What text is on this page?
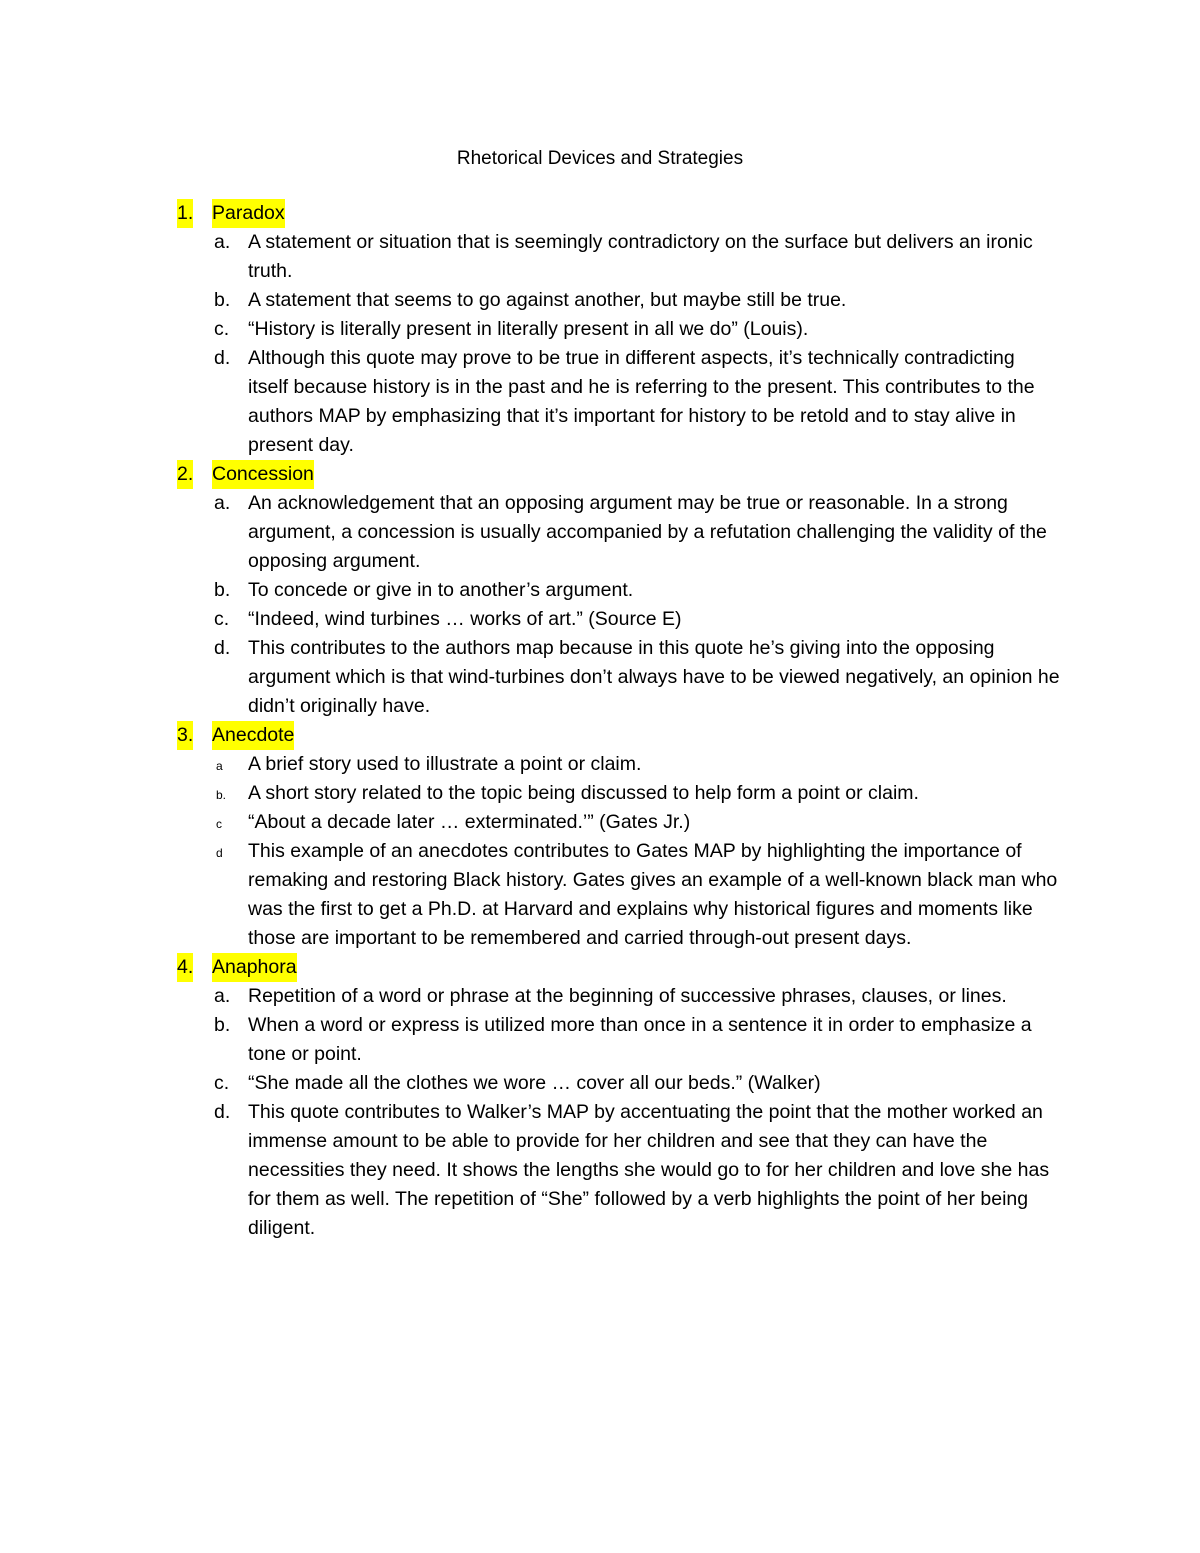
Rhetorical Devices and Strategies
1. Paradox

a. A statement or situation that is seemingly contradictory on the surface but delivers an ironic truth.

b. A statement that seems to go against another, but maybe still be true.

c. “History is literally present in literally present in all we do” (Louis).

d. Although this quote may prove to be true in different aspects, it’s technically contradicting itself because history is in the past and he is referring to the present. This contributes to the authors MAP by emphasizing that it’s important for history to be retold and to stay alive in present day.

2. Concession

a. An acknowledgement that an opposing argument may be true or reasonable. In a strong argument, a concession is usually accompanied by a refutation challenging the validity of the opposing argument.

b. To concede or give in to another’s argument.

c. “Indeed, wind turbines … works of art.” (Source E)

d. This contributes to the authors map because in this quote he’s giving into the opposing argument which is that wind-turbines don’t always have to be viewed negatively, an opinion he didn’t originally have.

3. Anecdote

a A brief story used to illustrate a point or claim.

b. A short story related to the topic being discussed to help form a point or claim.

c “About a decade later … exterminated.’” (Gates Jr.)

d This example of an anecdotes contributes to Gates MAP by highlighting the importance of remaking and restoring Black history. Gates gives an example of a well-known black man who was the first to get a Ph.D. at Harvard and explains why historical figures and moments like those are important to be remembered and carried through-out present days.

4. Anaphora

a. Repetition of a word or phrase at the beginning of successive phrases, clauses, or lines.

b. When a word or express is utilized more than once in a sentence it in order to emphasize a tone or point.

c. “She made all the clothes we wore … cover all our beds.” (Walker)

d. This quote contributes to Walker’s MAP by accentuating the point that the mother worked an immense amount to be able to provide for her children and see that they can have the necessities they need. It shows the lengths she would go to for her children and love she has for them as well. The repetition of “She” followed by a verb highlights the point of her being diligent.
